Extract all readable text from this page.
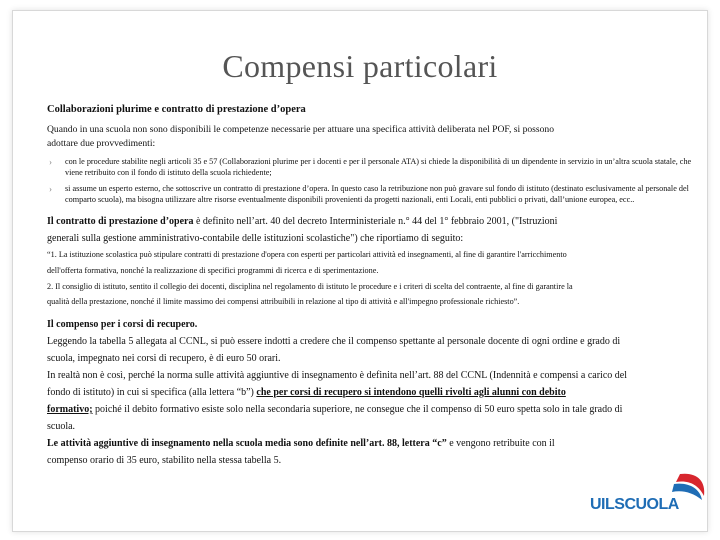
Compensi particolari
Collaborazioni plurime e contratto di prestazione d’opera
Quando in una scuola non sono disponibili le competenze necessarie per attuare una specifica attività deliberata nel POF, si possono
adottare due provvedimenti:
› con le procedure stabilite negli articoli 35 e 57 (Collaborazioni plurime per i docenti e per il personale ATA) si chiede la disponibilità di un dipendente in servizio in un’altra scuola statale, che viene retribuito con il fondo di istituto della scuola richiedente;
› si assume un esperto esterno, che sottoscrive un contratto di prestazione d’opera. In questo caso la retribuzione non può gravare sul fondo di istituto (destinato esclusivamente al personale del comparto scuola), ma bisogna utilizzare altre risorse eventualmente disponibili provenienti da progetti nazionali, enti Locali, enti pubblici o privati, dall’unione europea, ecc..
Il contratto di prestazione d’opera è definito nell’art. 40 del decreto Interministeriale n.° 44 del 1° febbraio 2001, ("Istruzioni
generali sulla gestione amministrativo-contabile delle istituzioni scolastiche") che riportiamo di seguito:
“1. La istituzione scolastica può stipulare contratti di prestazione d'opera con esperti per particolari attività ed insegnamenti, al fine di garantire l'arricchimento
dell'offerta formativa, nonché la realizzazione di specifici programmi di ricerca e di sperimentazione.
2. Il consiglio di istituto, sentito il collegio dei docenti, disciplina nel regolamento di istituto le procedure e i criteri di scelta del contraente, al fine di garantire la
qualità della prestazione, nonché il limite massimo dei compensi attribuibili in relazione al tipo di attività e all'impegno professionale richiesto”.
Il compenso per i corsi di recupero.
Leggendo la tabella 5 allegata al CCNL, si può essere indotti a credere che il compenso spettante al personale docente di ogni ordine e grado di
scuola, impegnato nei corsi di recupero, è di euro 50 orari.
In realtà non è così, perché la norma sulle attività aggiuntive di insegnamento è definita nell’art. 88 del CCNL (Indennità e compensi a carico del
fondo di istituto) in cui si specifica (alla lettera “b”) che per corsi di recupero si intendono quelli rivolti agli alunni con debito
formativo; poiché il debito formativo esiste solo nella secondaria superiore, ne consegue che il compenso di 50 euro spetta solo in tale grado di
scuola.
Le attività aggiuntive di insegnamento nella scuola media sono definite nell’art. 88, lettera “c” e vengono retribuite con il
compenso orario di 35 euro, stabilito nella stessa tabella 5.
UILSCUOLA
